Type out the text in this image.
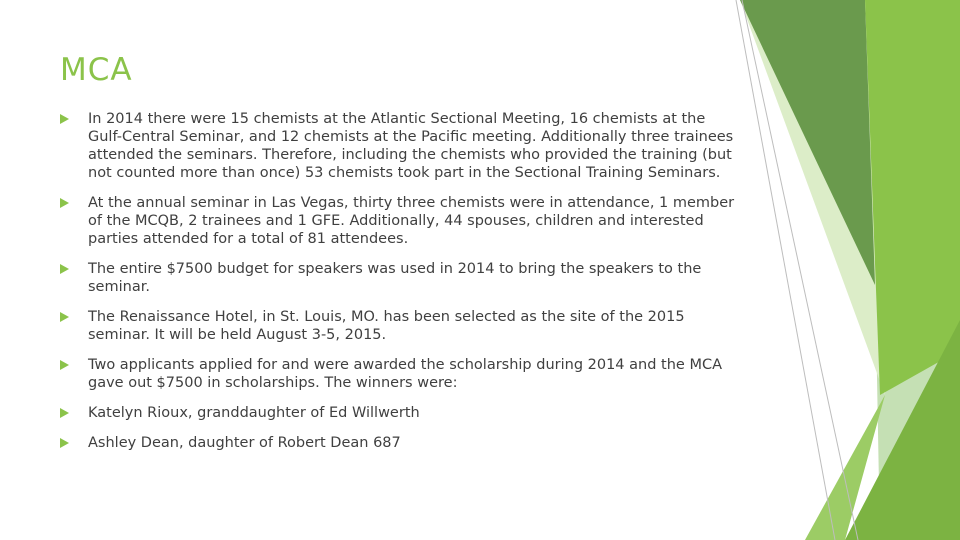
MCA
In 2014 there were 15 chemists at the Atlantic Sectional Meeting, 16 chemists at the Gulf-Central Seminar, and 12 chemists at the Pacific meeting. Additionally three trainees attended the seminars. Therefore, including the chemists who provided the training (but not counted more than once) 53 chemists took part in the Sectional Training Seminars.
At the annual seminar in Las Vegas, thirty three chemists were in attendance, 1 member of the MCQB, 2 trainees and 1 GFE. Additionally, 44 spouses, children and interested parties attended for a total of 81 attendees.
The entire $7500 budget for speakers was used in 2014 to bring the speakers to the seminar.
The Renaissance Hotel, in St. Louis, MO. has been selected as the site of the 2015 seminar. It will be held August 3-5, 2015.
Two applicants applied for and were awarded the scholarship during 2014 and the MCA gave out $7500 in scholarships. The winners were:
Katelyn Rioux, granddaughter of Ed Willwerth
Ashley Dean, daughter of Robert Dean 687
